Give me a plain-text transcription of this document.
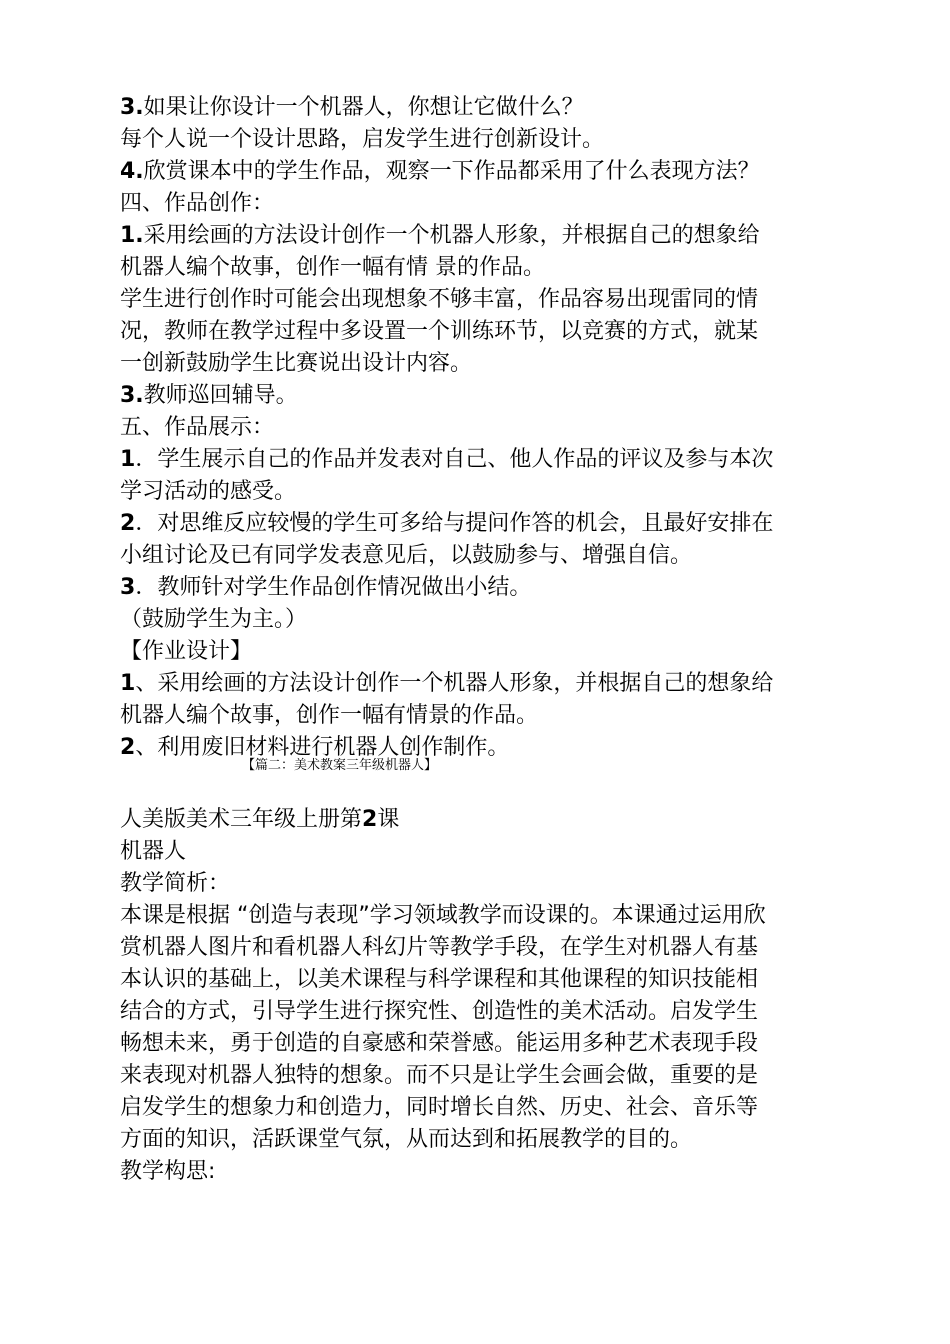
3.如果让你设计一个机器人，你想让它做什么？
每个人说一个设计思路，启发学生进行创新设计。
4.欣赏课本中的学生作品，观察一下作品都采用了什么表现方法？
四、作品创作：
1.采用绘画的方法设计创作一个机器人形象，并根据自己的想象给
机器人编个故事，创作一幅有情 景的作品。
学生进行创作时可能会出现想象不够丰富，作品容易出现雷同的情
况，教师在教学过程中多设置一个训练环节，以竞赛的方式，就某
一创新鼓励学生比赛说出设计内容。
3.教师巡回辅导。
五、作品展示：
1．学生展示自己的作品并发表对自己、他人作品的评议及参与本次
学习活动的感受。
2．对思维反应较慢的学生可多给与提问作答的机会，且最好安排在
小组讨论及已有同学发表意见后，以鼓励参与、增强自信。
3．教师针对学生作品创作情况做出小结。
（鼓励学生为主。）
【作业设计】
1、采用绘画的方法设计创作一个机器人形象，并根据自己的想象给
机器人编个故事，创作一幅有情景的作品。
2、利用废旧材料进行机器人创作制作。
【篇二：美术教案三年级机器人】
人美版美术三年级上册第2课
机器人
教学简析：
本课是根据 “创造与表现”学习领域教学而设课的。本课通过运用欣
赏机器人图片和看机器人科幻片等教学手段，在学生对机器人有基
本认识的基础上，以美术课程与科学课程和其他课程的知识技能相
结合的方式，引导学生进行探究性、创造性的美术活动。启发学生
畅想未来，勇于创造的自豪感和荣誉感。能运用多种艺术表现手段
来表现对机器人独特的想象。而不只是让学生会画会做，重要的是
启发学生的想象力和创造力，同时增长自然、历史、社会、音乐等
方面的知识，活跃课堂气氛，从而达到和拓展教学的目的。
教学构思:
